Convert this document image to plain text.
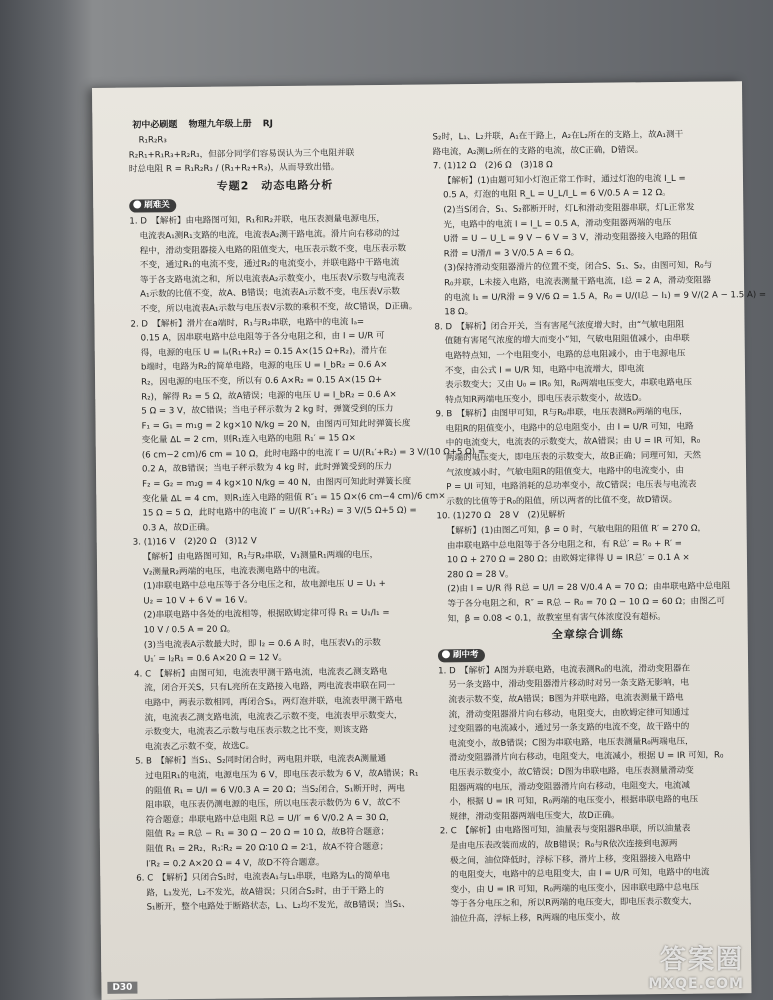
初中必刷题 物理九年级上册 RJ
R₁R₂R₃
R₂R₁+R₁R₃+R₂R₃，但部分同学们容易误认为三个电阻并联
时总电阻 R = R₁R₂R₃ / (R₁+R₂+R₃)，从而导致出错。
专题2　动态电路分析
刷难关
1. D　【解析】由电路图可知，R₁和R₂并联，电压表测量电源电压，
电流表A₁测R₁支路的电流，电流表A₂测干路电流。滑片向右移动的过
程中，滑动变阻器接入电路的阻值变大，电压表示数不变，电压表示数
不变，通过R₁的电流不变，通过R₂的电流变小，并联电路中干路电流
等于各支路电流之和，所以电流表A₂示数变小，电压表V示数与电流表
A₁示数的比值不变，故A、B错误；电流表A₁示数不变，电压表V示数
不变，所以电流表A₁示数与电压表V示数的乘积不变，故C错误，D正确。
2. D　【解析】滑片在a端时，R₁与R₂串联，电路中的电流 Iₐ=
0.15 A，因串联电路中总电阻等于各分电阻之和，由 I = U/R 可
得，电源的电压 U = Iₐ(R₁+R₂) = 0.15 A×(15 Ω+R₂)，滑片在
b端时，电路为R₂的简单电路，电源的电压 U = I_bR₂ = 0.6 A×
R₂，因电源的电压不变，所以有 0.6 A×R₂ = 0.15 A×(15 Ω+
R₂)，解得 R₂ = 5 Ω，故A错误；电源的电压 U = I_bR₂ = 0.6 A×
5 Ω = 3 V，故C错误；当电子秤示数为 2 kg 时，弹簧受到的压力
F₁ = G₁ = m₁g = 2 kg×10 N/kg = 20 N，由图丙可知此时弹簧长度
变化量 ΔL = 2 cm，则R₁连入电路的电阻 R₁′ = 15 Ω×
(6 cm−2 cm)/6 cm = 10 Ω，此时电路中的电流 I′ = U/(R₁′+R₂) = 3 V/(10 Ω+5 Ω) =
0.2 A，故B错误；当电子秤示数为 4 kg 时，此时弹簧受到的压力
F₂ = G₂ = m₂g = 4 kg×10 N/kg = 40 N，由图丙可知此时弹簧长度
变化量 ΔL = 4 cm，则R₁连入电路的阻值 R″₁ = 15 Ω×(6 cm−4 cm)/6 cm×
15 Ω = 5 Ω，此时电路中的电流 I″ = U/(R″₁+R₂) = 3 V/(5 Ω+5 Ω) =
0.3 A，故D正确。
3. (1)16 V　(2)20 Ω　(3)12 V
【解析】由电路图可知，R₁与R₂串联，V₁测量R₁两端的电压，
V₂测量R₂两端的电压，电流表测电路中的电流。
(1)串联电路中总电压等于各分电压之和，故电源电压 U = U₁ +
U₂ = 10 V + 6 V = 16 V。
(2)串联电路中各处的电流相等，根据欧姆定律可得 R₁ = U₁/I₁ =
10 V / 0.5 A = 20 Ω。
(3)当电流表A示数最大时，即 I₂ = 0.6 A 时，电压表V₁的示数
U₁′ = I₂R₁ = 0.6 A×20 Ω = 12 V。
4. C　【解析】由图可知，电流表甲测干路电流，电流表乙测支路电
流，闭合开关S，只有L亮所在支路接入电路，两电流表串联在同一
电路中，两表示数相同，再闭合S₁，两灯泡并联，电流表甲测干路电
流，电流表乙测支路电流，电流表乙示数不变，电流表甲示数变大，
示数变大，电流表乙示数与电压表示数之比不变，则该支路
电流表乙示数不变，故选C。
5. B　【解析】当S₁、S₂同时闭合时，两电阻并联，电流表A测量通
过电阻R₁的电流，电源电压为 6 V，即电压表示数为 6 V，故A错误；R₁
的阻值 R₁ = U/I = 6 V/0.3 A = 20 Ω；当S₂闭合，S₁断开时，两电
阻串联，电压表仍测电源的电压，所以电压表示数仍为 6 V，故C不
符合题意；串联电路中总电阻 R总 = U/I′ = 6 V/0.2 A = 30 Ω，
阻值 R₂ = R总 − R₁ = 30 Ω − 20 Ω = 10 Ω，故B符合题意；
阻值 R₁ = 2R₂，R₁∶R₂ = 20 Ω∶10 Ω = 2∶1，故A不符合题意；
I′R₂ = 0.2 A×20 Ω = 4 V，故D不符合题意。
6. C　【解析】只闭合S₁时，电流表A₁与L₁串联，电路为L₁的简单电
路，L₁发光，L₂不发光，故A错误；只闭合S₂时，由于干路上的
S₁断开，整个电路处于断路状态，L₁、L₂均不发光，故B错误；当S₁、
S₂时，L₁、L₂并联，A₁在干路上，A₂在L₂所在的支路上，故A₁测干
路电流，A₂测L₂所在的支路的电流，故C正确，D错误。
7. (1)12 Ω　(2)6 Ω　(3)18 Ω
【解析】(1)由题可知小灯泡正常工作时，通过灯泡的电流 I_L =
0.5 A，灯泡的电阻 R_L = U_L/I_L = 6 V/0.5 A = 12 Ω。
(2)当S闭合，S₁、S₂都断开时，灯L和滑动变阻器串联，灯L正常发
光，电路中的电流 I = I_L = 0.5 A，滑动变阻器两端的电压
U滑 = U − U_L = 9 V − 6 V = 3 V，滑动变阻器接入电路的阻值
R滑 = U滑/I = 3 V/0.5 A = 6 Ω。
(3)保持滑动变阻器滑片的位置不变，闭合S、S₁、S₂，由图可知，R₀与
R₀并联，L未接入电路，电流表测量干路电流，I总 = 2 A，滑动变阻器
的电流 I₁ = U/R滑 = 9 V/6 Ω = 1.5 A，R₀ = U/(I总 − I₁) = 9 V/(2 A − 1.5 A) =
18 Ω。
8. D　【解析】闭合开关，当有害尾气浓度增大时，由“气敏电阻阻
值随有害尾气浓度的增大而变小”知，气敏电阻阻值减小，由串联
电路特点知，一个电阻变小，电路的总电阻减小，由于电源电压
不变，由公式 I = U/R 知，电路中电流增大，即电流
表示数变大；又由 U₀ = IR₀ 知，R₀两端电压变大，串联电路电压
特点知R两端电压变小，即电压表示数变小，故选D。
9. B　【解析】由图甲可知，R与R₀串联，电压表测R₀两端的电压，
电阻R的阻值变小，电路中的总电阻变小，由 I = U/R 可知，电路
中的电流变大，电流表的示数变大，故A错误；由 U = IR 可知，R₀
两端的电压变大，即电压表的示数变大，故B正确；同理可知，天然
气浓度减小时，气敏电阻R的阻值变大，电路中的电流变小，由
P = UI 可知，电路消耗的总功率变小，故C错误；电压表与电流表
示数的比值等于R₀的阻值，所以两者的比值不变，故D错误。
10. (1)270 Ω　28 V　(2)见解析
【解析】(1)由图乙可知，β = 0 时，气敏电阻的阻值 R′ = 270 Ω，
由串联电路中总电阻等于各分电阻之和，有 R总′ = R₀ + R′ =
10 Ω + 270 Ω = 280 Ω；由欧姆定律得 U = IR总′ = 0.1 A ×
280 Ω = 28 V。
(2)由 I = U/R 得 R总 = U/I = 28 V/0.4 A = 70 Ω；由串联电路中总电阻
等于各分电阻之和，R″ = R总 − R₀ = 70 Ω − 10 Ω = 60 Ω；由图乙可
知，β = 0.08 < 0.1，故教室里有害气体浓度没有超标。
全章综合训练
刷中考
1. D　【解析】A图为并联电路，电流表测R₀的电流，滑动变阻器在
另一条支路中，滑动变阻器滑片移动时对另一条支路无影响，电
流表示数不变，故A错误；B图为并联电路，电流表测量干路电
流，滑动变阻器滑片向右移动，电阻变大，由欧姆定律可知通过
过变阻器的电流减小，通过另一条支路的电流不变，故干路中的
电流变小，故B错误；C图为串联电路，电压表测量R₀两端电压，
滑动变阻器滑片向右移动，电阻变大，电流减小，根据 U = IR 可知，R₀
电压表示数变小，故C错误；D图为串联电路，电压表测量滑动变
阻器两端的电压，滑动变阻器滑片向右移动，电阻变大，电流减
小，根据 U = IR 可知，R₀两端的电压变小，根据串联电路的电压
规律，滑动变阻器两端电压变大，故D正确。
2. C　【解析】由电路图可知，油量表与变阻器R串联，所以油量表
是由电压表改装而成的，故B错误；R₀与R依次连接到电源两
极之间，油位降低时，浮标下移，滑片上移，变阻器接入电路中
的电阻变大，电路中的总电阻变大，由 I = U/R 可知，电路中的电流
变小，由 U = IR 可知，R₀两端的电压变小，因串联电路中总电压
等于各分电压之和，所以R两端的电压变大，即电压表示数变大，
油位升高，浮标上移，R两端的电压变小，故
D30
答案圈
MXQE.COM
